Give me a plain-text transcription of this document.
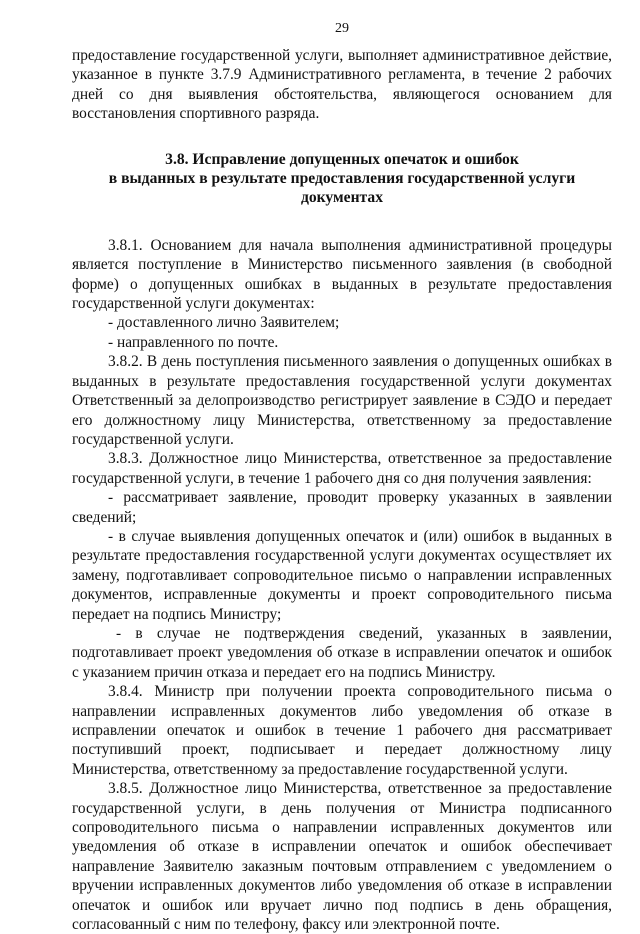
29

предоставление государственной услуги, выполняет административное действие, указанное в пункте 3.7.9 Административного регламента, в течение 2 рабочих дней со дня выявления обстоятельства, являющегося основанием для восстановления спортивного разряда.

3.8. Исправление допущенных опечаток и ошибок
в выданных в результате предоставления государственной услуги
документах

3.8.1. Основанием для начала выполнения административной процедуры является поступление в Министерство письменного заявления (в свободной форме) о допущенных ошибках в выданных в результате предоставления государственной услуги документах:

- доставленного лично Заявителем;

- направленного по почте.

3.8.2. В день поступления письменного заявления о допущенных ошибках в выданных в результате предоставления государственной услуги документах Ответственный за делопроизводство регистрирует заявление в СЭДО и передает его должностному лицу Министерства, ответственному за предоставление государственной услуги.

3.8.3. Должностное лицо Министерства, ответственное за предоставление государственной услуги, в течение 1 рабочего дня со дня получения заявления:

- рассматривает заявление, проводит проверку указанных в заявлении сведений;

- в случае выявления допущенных опечаток и (или) ошибок в выданных в результате предоставления государственной услуги документах осуществляет их замену, подготавливает сопроводительное письмо о направлении исправленных документов, исправленные документы и проект сопроводительного письма передает на подпись Министру;

- в случае не подтверждения сведений, указанных в заявлении, подготавливает проект уведомления об отказе в исправлении опечаток и ошибок с указанием причин отказа и передает его на подпись Министру.

3.8.4. Министр при получении проекта сопроводительного письма о направлении исправленных документов либо уведомления об отказе в исправлении опечаток и ошибок в течение 1 рабочего дня рассматривает поступивший проект, подписывает и передает должностному лицу Министерства, ответственному за предоставление государственной услуги.

3.8.5. Должностное лицо Министерства, ответственное за предоставление государственной услуги, в день получения от Министра подписанного сопроводительного письма о направлении исправленных документов или уведомления об отказе в исправлении опечаток и ошибок обеспечивает направление Заявителю заказным почтовым отправлением с уведомлением о вручении исправленных документов либо уведомления об отказе в исправлении опечаток и ошибок или вручает лично под подпись в день обращения, согласованный с ним по телефону, факсу или электронной почте.
